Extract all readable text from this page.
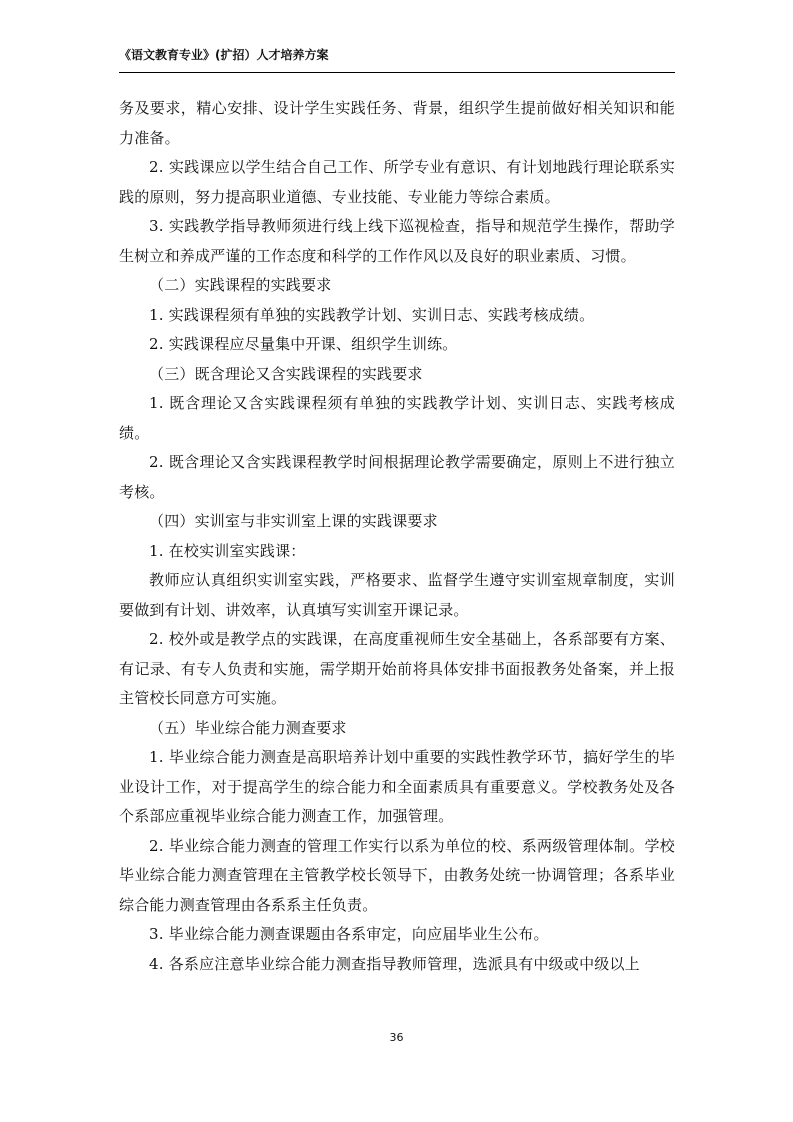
《语文教育专业》(扩招）人才培养方案

务及要求，精心安排、设计学生实践任务、背景，组织学生提前做好相关知识和能力准备。

2. 实践课应以学生结合自己工作、所学专业有意识、有计划地践行理论联系实践的原则，努力提高职业道德、专业技能、专业能力等综合素质。

3. 实践教学指导教师须进行线上线下巡视检查，指导和规范学生操作，帮助学生树立和养成严谨的工作态度和科学的工作作风以及良好的职业素质、习惯。

（二）实践课程的实践要求

1. 实践课程须有单独的实践教学计划、实训日志、实践考核成绩。

2. 实践课程应尽量集中开课、组织学生训练。

（三）既含理论又含实践课程的实践要求

1. 既含理论又含实践课程须有单独的实践教学计划、实训日志、实践考核成绩。

2. 既含理论又含实践课程教学时间根据理论教学需要确定，原则上不进行独立考核。

（四）实训室与非实训室上课的实践课要求

1. 在校实训室实践课：

教师应认真组织实训室实践，严格要求、监督学生遵守实训室规章制度，实训要做到有计划、讲效率，认真填写实训室开课记录。

2. 校外或是教学点的实践课，在高度重视师生安全基础上，各系部要有方案、有记录、有专人负责和实施，需学期开始前将具体安排书面报教务处备案，并上报主管校长同意方可实施。

（五）毕业综合能力测查要求

1. 毕业综合能力测查是高职培养计划中重要的实践性教学环节，搞好学生的毕业设计工作，对于提高学生的综合能力和全面素质具有重要意义。学校教务处及各个系部应重视毕业综合能力测查工作，加强管理。

2. 毕业综合能力测查的管理工作实行以系为单位的校、系两级管理体制。学校毕业综合能力测查管理在主管教学校长领导下，由教务处统一协调管理；各系毕业综合能力测查管理由各系系主任负责。

3. 毕业综合能力测查课题由各系审定，向应届毕业生公布。

4. 各系应注意毕业综合能力测查指导教师管理，选派具有中级或中级以上

36
